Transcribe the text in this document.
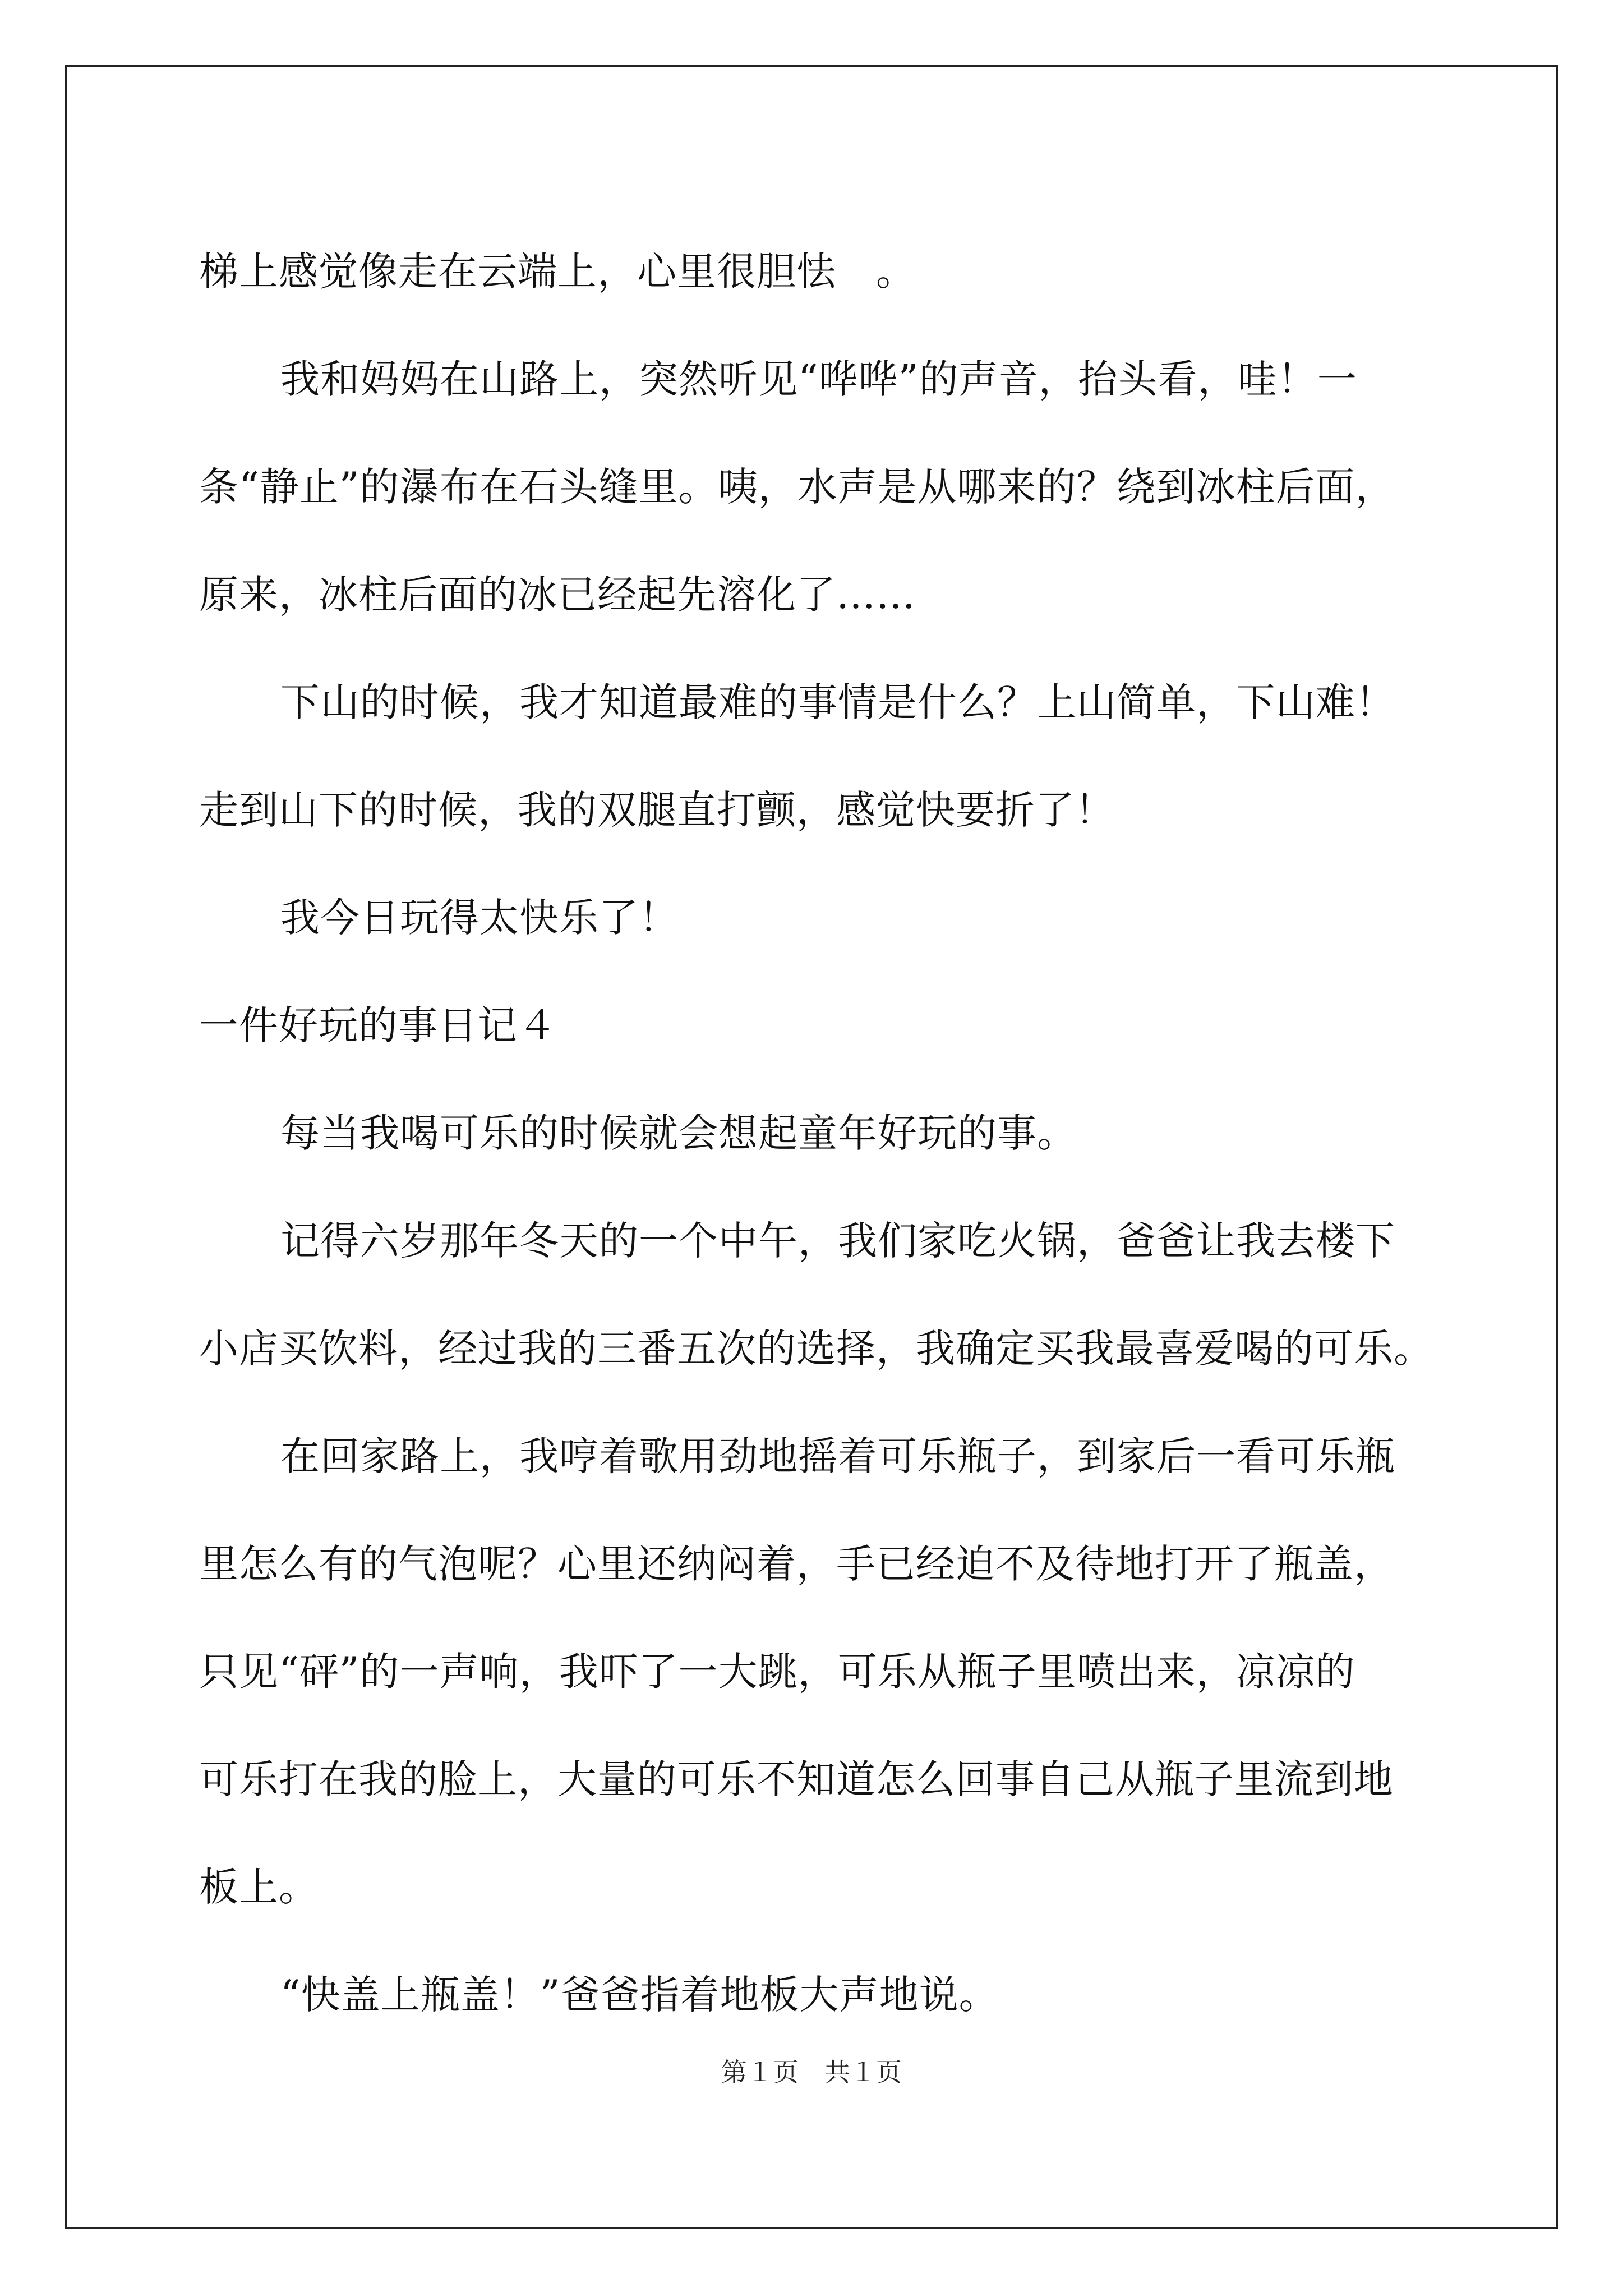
梯上感觉像走在云端上，心里很胆怯　。
我和妈妈在山路上，突然听见“哗哗”的声音，抬头看，哇！一
条“静止”的瀑布在石头缝里。咦，水声是从哪来的？绕到冰柱后面，
原来，冰柱后面的冰已经起先溶化了……
下山的时候，我才知道最难的事情是什么？上山简单，下山难！
走到山下的时候，我的双腿直打颤，感觉快要折了！
我今日玩得太快乐了！
一件好玩的事日记４
每当我喝可乐的时候就会想起童年好玩的事。
记得六岁那年冬天的一个中午，我们家吃火锅，爸爸让我去楼下
小店买饮料，经过我的三番五次的选择，我确定买我最喜爱喝的可乐。
在回家路上，我哼着歌用劲地摇着可乐瓶子，到家后一看可乐瓶
里怎么有的气泡呢？心里还纳闷着，手已经迫不及待地打开了瓶盖，
只见“砰”的一声响，我吓了一大跳，可乐从瓶子里喷出来，凉凉的
可乐打在我的脸上，大量的可乐不知道怎么回事自己从瓶子里流到地
板上。
“快盖上瓶盖！”爸爸指着地板大声地说。
第１页　共１页
